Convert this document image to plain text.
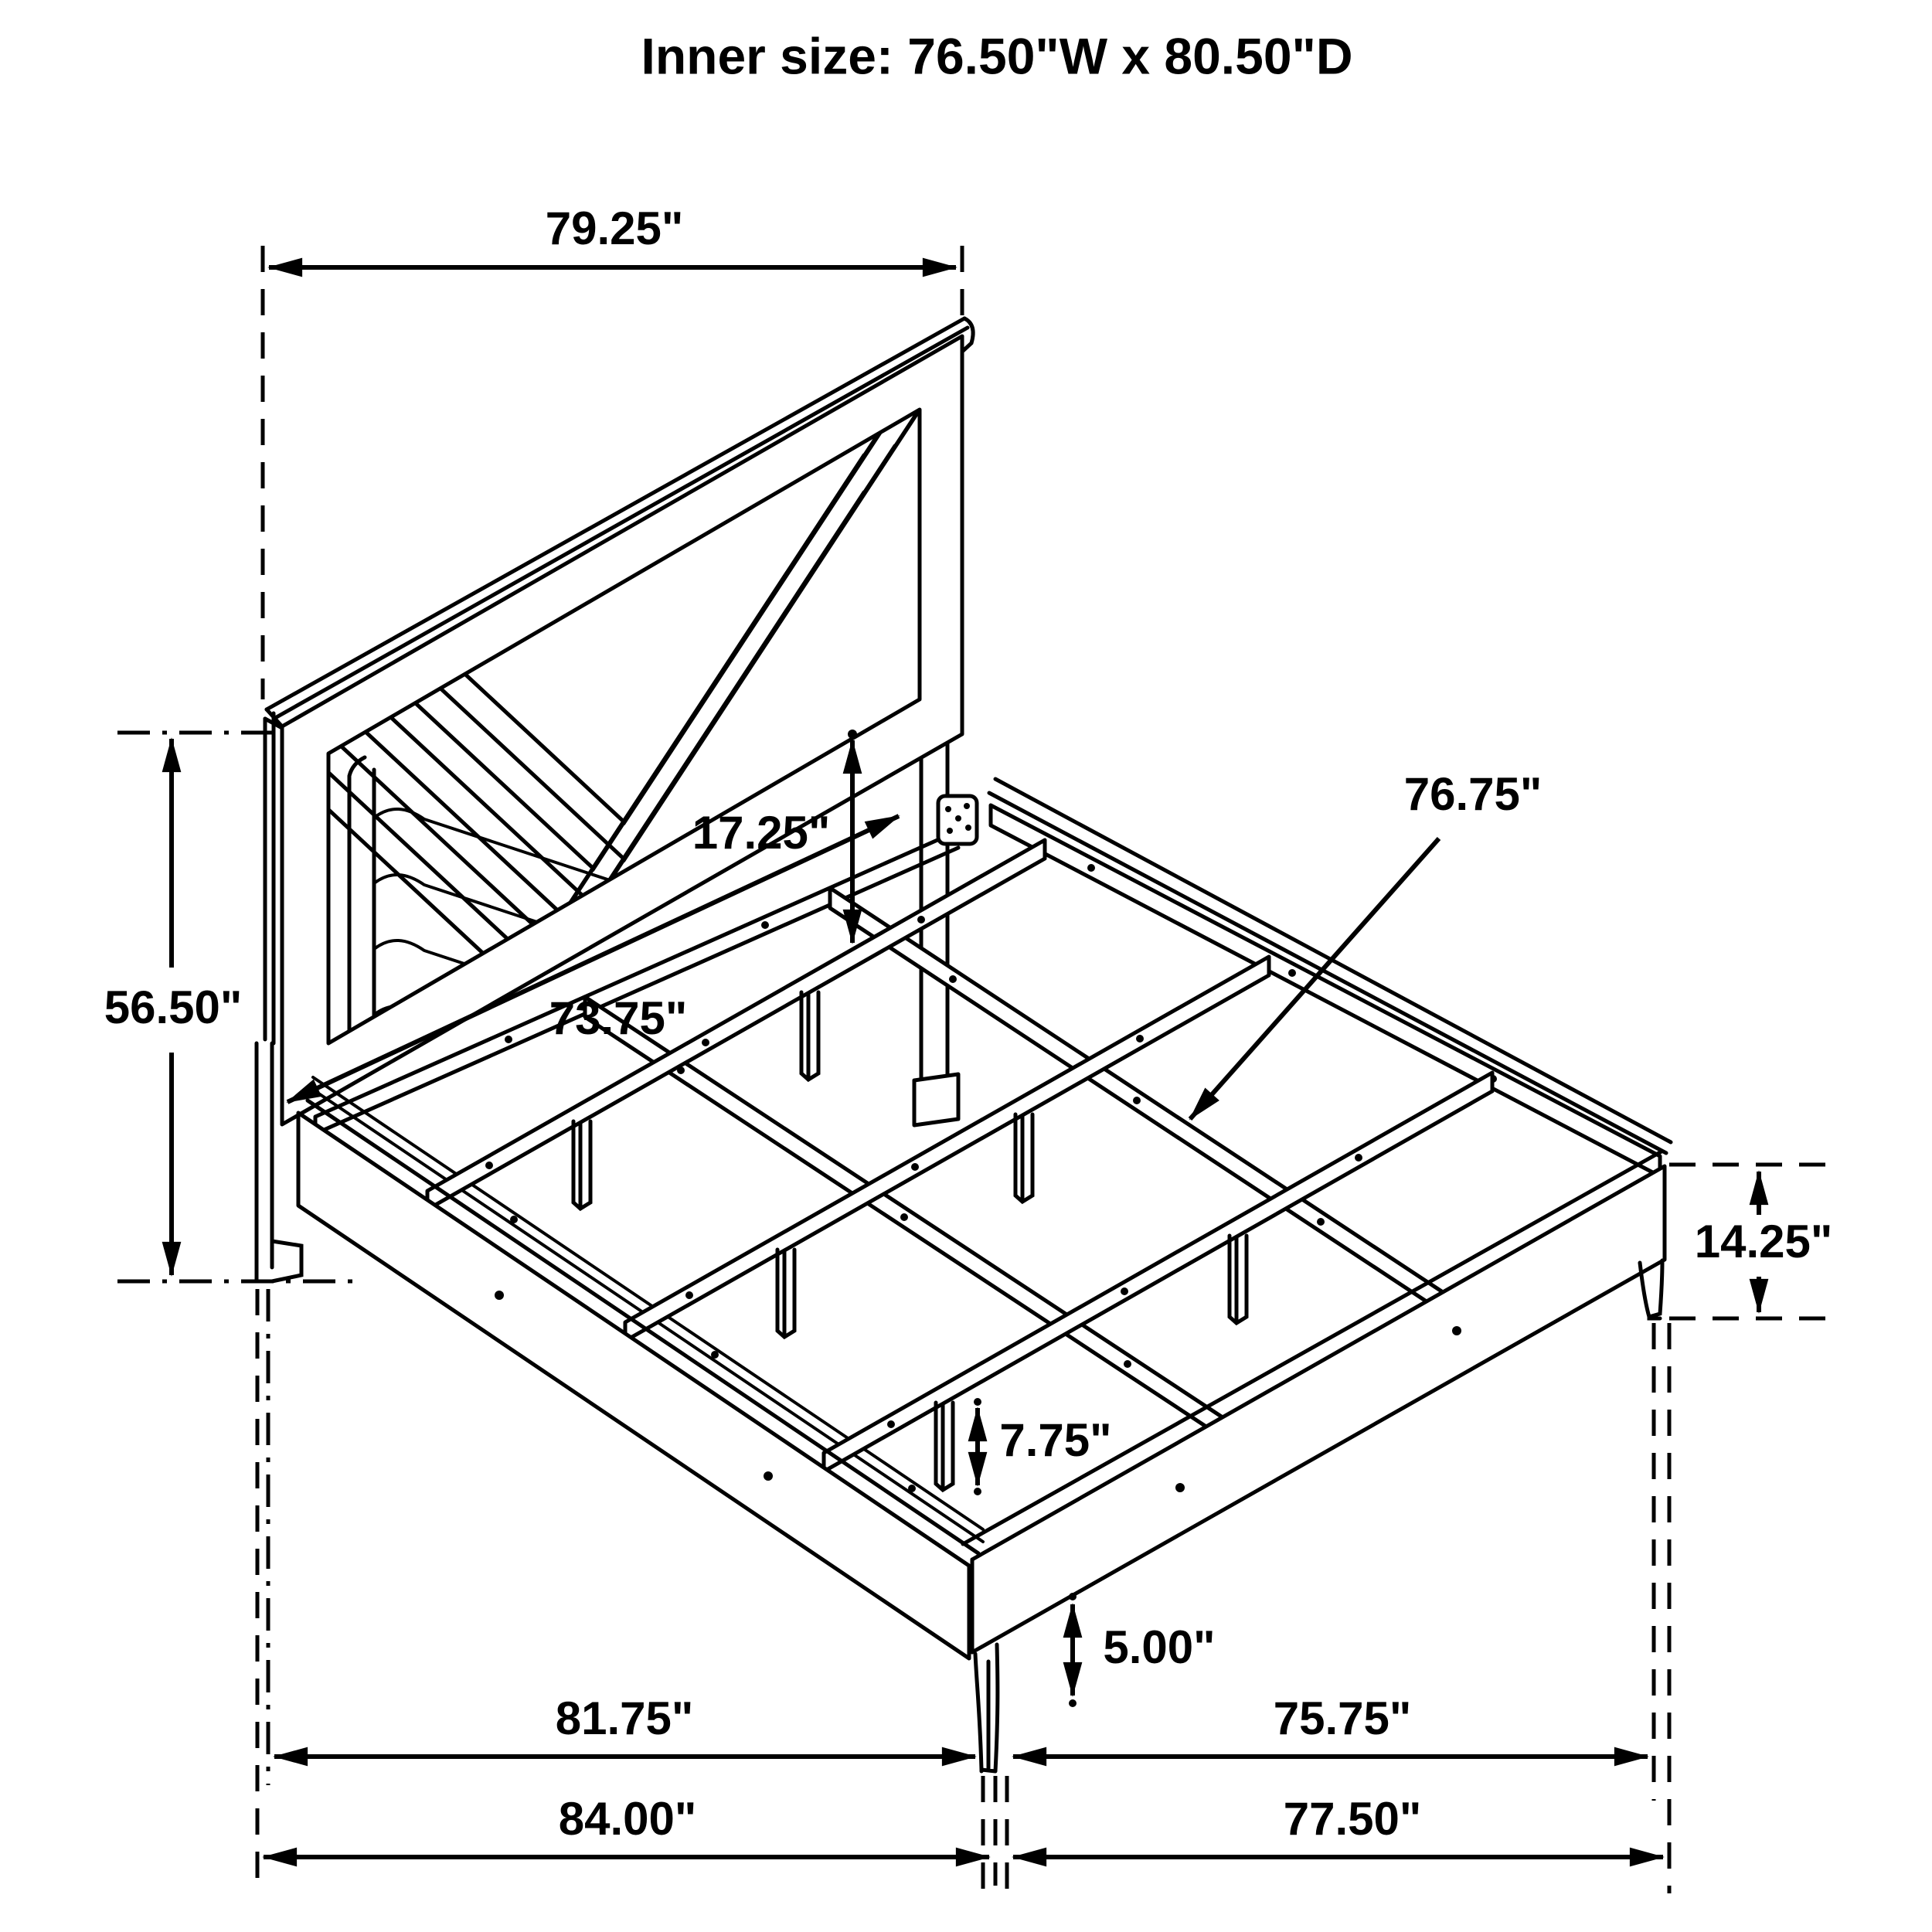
79.25"
56.50"
17.25"
73.75"
76.75"
14.25"
7.75"
5.00"
81.75"	75.75"
84.00"	77.50"
Inner size: 76.50"W x 80.50"D
